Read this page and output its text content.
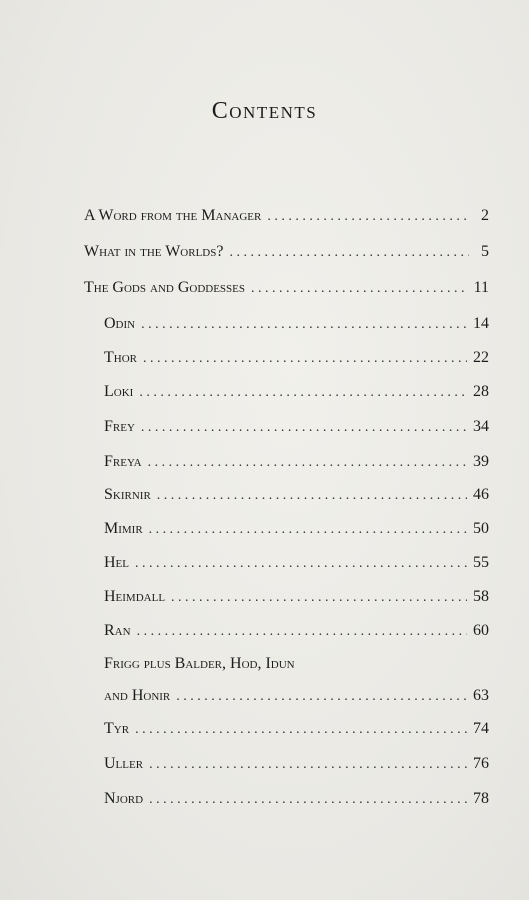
Contents
A Word from the Manager . . .	2
What in the Worlds? . . .	5
The Gods and Goddesses . . .	11
Odin . . .	14
Thor . . .	22
Loki . . .	28
Frey . . .	34
Freya . . .	39
Skirnir . . .	46
Mimir . . .	50
Hel . . .	55
Heimdall . . .	58
Ran . . .	60
Frigg plus Balder, Hod, Idun
and Honir . . .	63
Tyr . . .	74
Uller . . .	76
Njord . . .	78
